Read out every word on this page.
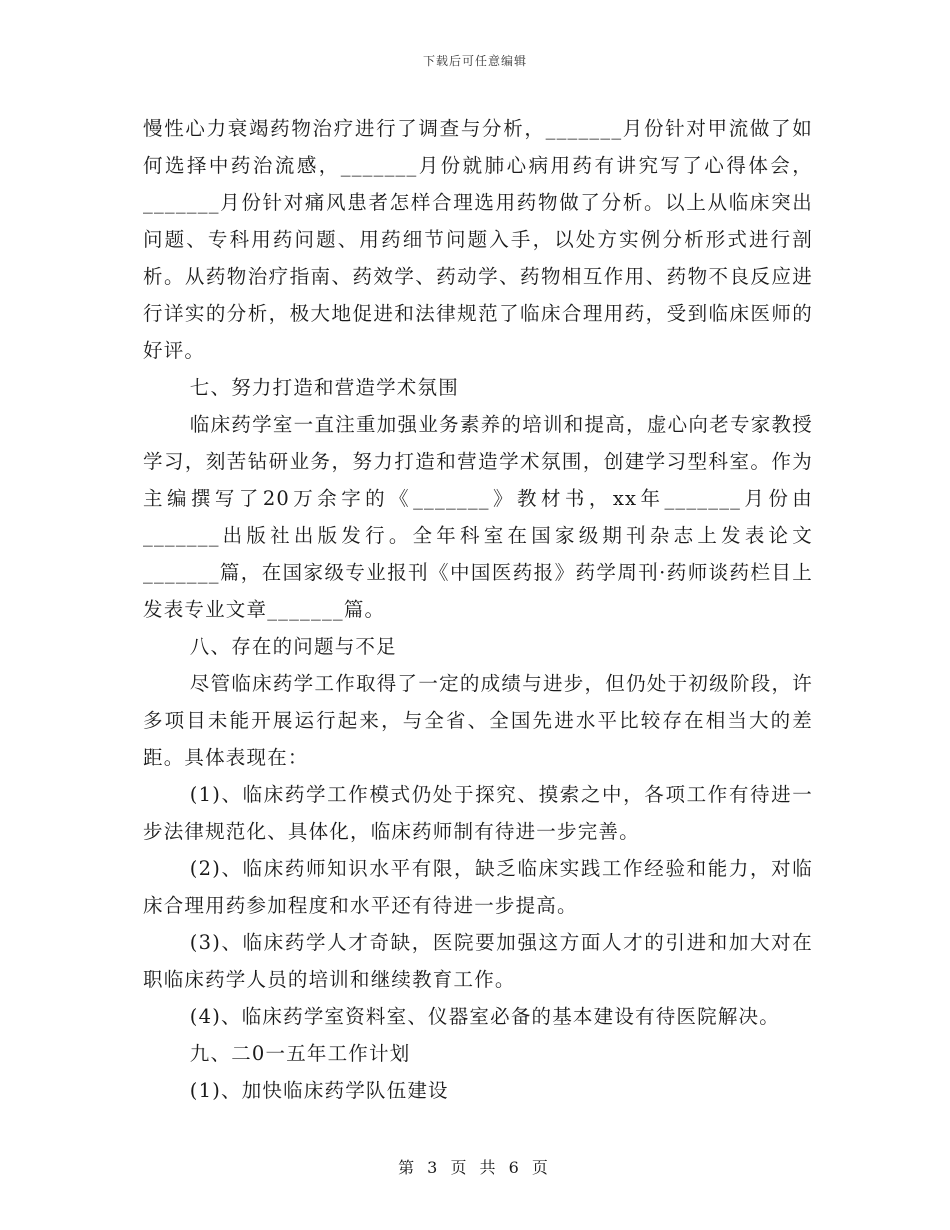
下载后可任意编辑

慢性心力衰竭药物治疗进行了调查与分析，_______月份针对甲流做了如何选择中药治流感，_______月份就肺心病用药有讲究写了心得体会，_______月份针对痛风患者怎样合理选用药物做了分析。以上从临床突出问题、专科用药问题、用药细节问题入手，以处方实例分析形式进行剖析。从药物治疗指南、药效学、药动学、药物相互作用、药物不良反应进行详实的分析，极大地促进和法律规范了临床合理用药，受到临床医师的好评。

七、努力打造和营造学术氛围

临床药学室一直注重加强业务素养的培训和提高，虚心向老专家教授学习，刻苦钻研业务，努力打造和营造学术氛围，创建学习型科室。作为主编撰写了20万余字的《_______》教材书，xx年_______月份由_______出版社出版发行。全年科室在国家级期刊杂志上发表论文_______篇，在国家级专业报刊《中国医药报》药学周刊·药师谈药栏目上发表专业文章_______篇。

八、存在的问题与不足

尽管临床药学工作取得了一定的成绩与进步，但仍处于初级阶段，许多项目未能开展运行起来，与全省、全国先进水平比较存在相当大的差距。具体表现在：

(1)、临床药学工作模式仍处于探究、摸索之中，各项工作有待进一步法律规范化、具体化，临床药师制有待进一步完善。

(2)、临床药师知识水平有限，缺乏临床实践工作经验和能力，对临床合理用药参加程度和水平还有待进一步提高。

(3)、临床药学人才奇缺，医院要加强这方面人才的引进和加大对在职临床药学人员的培训和继续教育工作。

(4)、临床药学室资料室、仪器室必备的基本建设有待医院解决。

九、二0一五年工作计划

(1)、加快临床药学队伍建设

第 3 页 共 6 页
